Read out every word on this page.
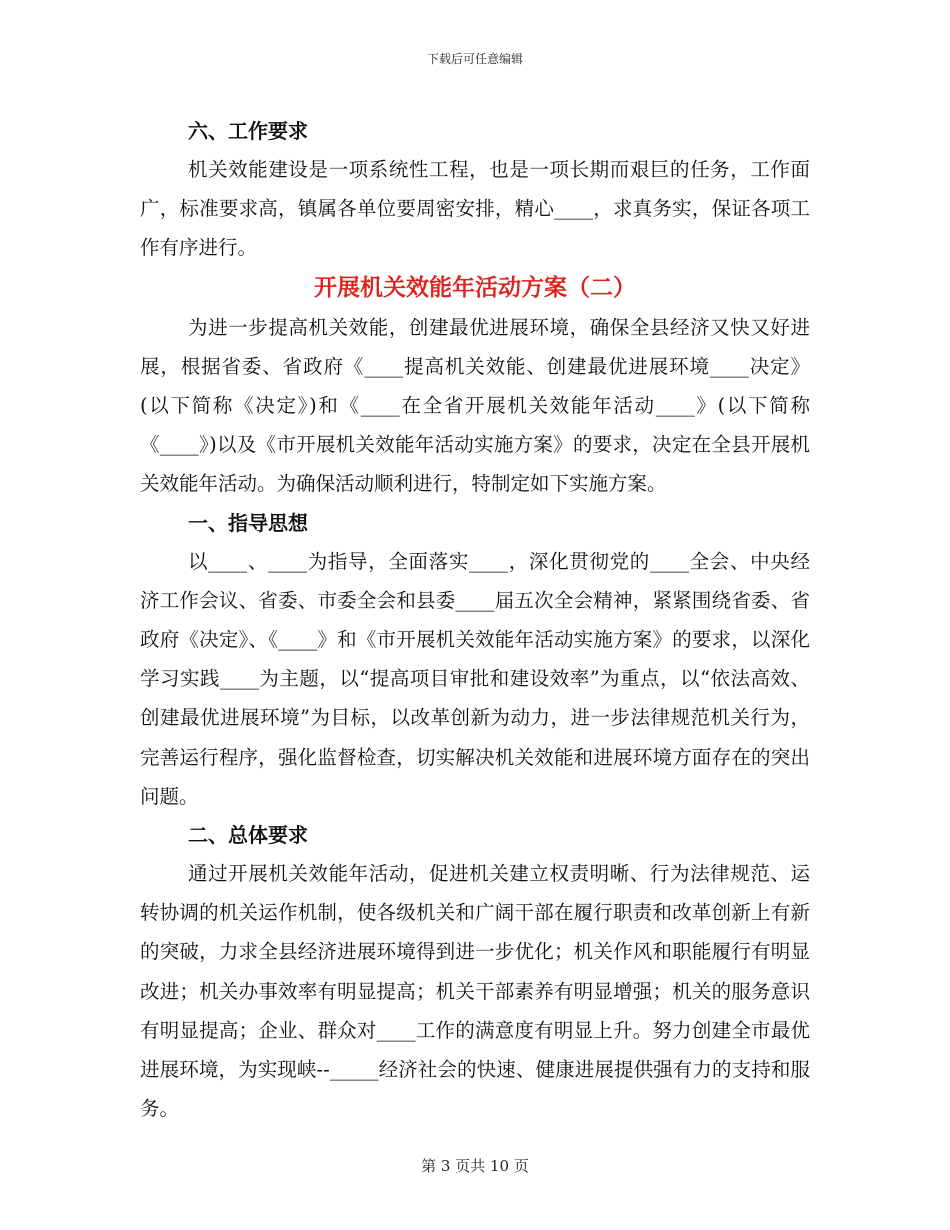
下载后可任意编辑
六、工作要求

机关效能建设是一项系统性工程，也是一项长期而艰巨的任务，工作面广，标准要求高，镇属各单位要周密安排，精心____，求真务实，保证各项工作有序进行。

开展机关效能年活动方案（二）

为进一步提高机关效能，创建最优进展环境，确保全县经济又快又好进展，根据省委、省政府《____提高机关效能、创建最优进展环境____决定》(以下简称《决定》)和《____在全省开展机关效能年活动____》(以下简称《____》)以及《市开展机关效能年活动实施方案》的要求，决定在全县开展机关效能年活动。为确保活动顺利进行，特制定如下实施方案。

一、指导思想

以____、____为指导，全面落实____，深化贯彻党的____全会、中央经济工作会议、省委、市委全会和县委____届五次全会精神，紧紧围绕省委、省政府《决定》、《____》和《市开展机关效能年活动实施方案》的要求，以深化学习实践____为主题，以“提高项目审批和建设效率”为重点，以“依法高效、创建最优进展环境”为目标，以改革创新为动力，进一步法律规范机关行为，完善运行程序，强化监督检查，切实解决机关效能和进展环境方面存在的突出问题。

二、总体要求

通过开展机关效能年活动，促进机关建立权责明晰、行为法律规范、运转协调的机关运作机制，使各级机关和广阔干部在履行职责和改革创新上有新的突破，力求全县经济进展环境得到进一步优化；机关作风和职能履行有明显改进；机关办事效率有明显提高；机关干部素养有明显增强；机关的服务意识有明显提高；企业、群众对____工作的满意度有明显上升。努力创建全市最优进展环境，为实现峡--_____经济社会的快速、健康进展提供强有力的支持和服务。

第 3 页共 10 页
